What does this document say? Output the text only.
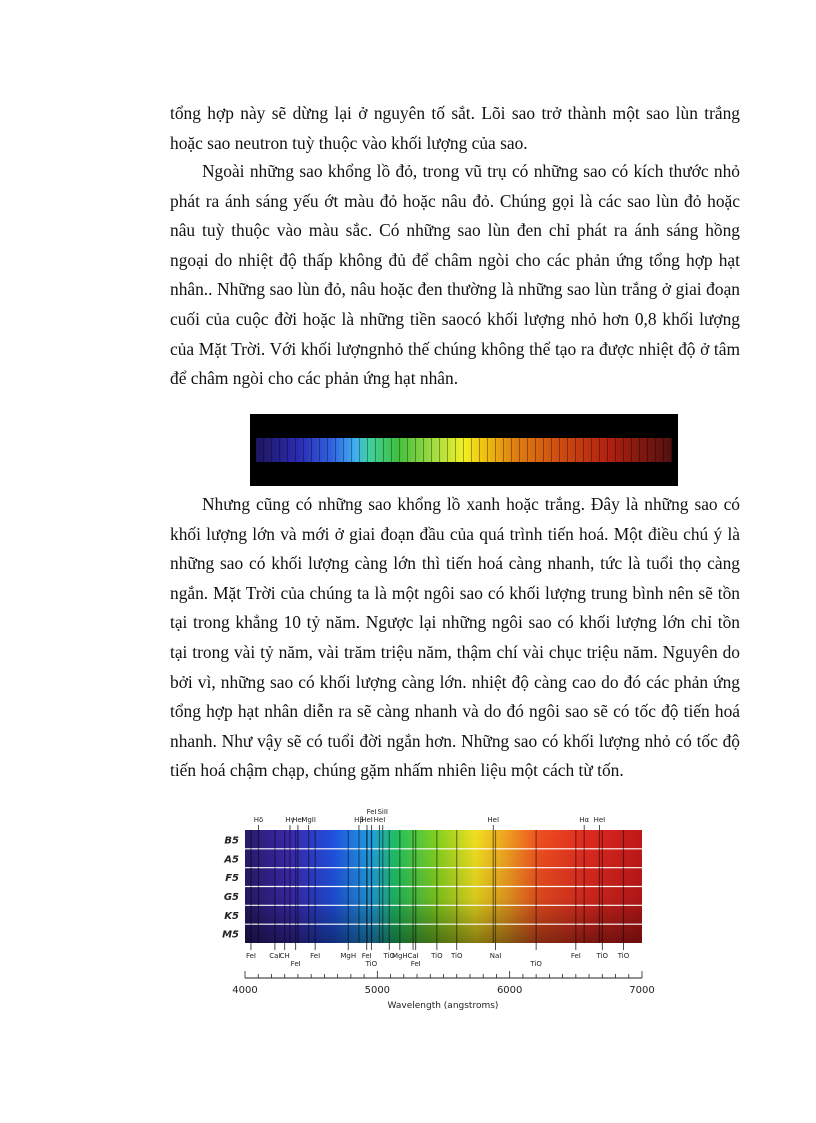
tổng hợp này sẽ dừng lại ở nguyên tố sắt. Lõi sao trở thành một sao lùn trắng hoặc sao neutron tuỳ thuộc vào khối lượng của sao.

Ngoài những sao khổng lồ đỏ, trong vũ trụ có những sao có kích thước nhỏ phát ra ánh sáng yếu ớt màu đỏ hoặc nâu đỏ. Chúng gọi là các sao lùn đỏ hoặc nâu tuỳ thuộc vào màu sắc. Có những sao lùn đen chỉ phát ra ánh sáng hồng ngoại do nhiệt độ thấp không đủ để châm ngòi cho các phản ứng tổng hợp hạt nhân.. Những sao lùn đỏ, nâu hoặc đen thường là những sao lùn trắng ở giai đoạn cuối của cuộc đời hoặc là những tiền saocó khối lượng nhỏ hơn 0,8 khối lượng của Mặt Trời. Với khối lượngnhỏ thế chúng không thể tạo ra được nhiệt độ ở tâm để châm ngòi cho các phản ứng hạt nhân.

Nhưng cũng có những sao khổng lồ xanh hoặc trắng. Đây là những sao có khối lượng lớn và mới ở giai đoạn đầu của quá trình tiến hoá. Một điều chú ý là những sao có khối lượng càng lớn thì tiến hoá càng nhanh, tức là tuổi thọ càng ngắn. Mặt Trời của chúng ta là một ngôi sao có khối lượng trung bình nên sẽ tồn tại trong khẳng 10 tỷ năm. Ngược lại những ngôi sao có khối lượng lớn chỉ tồn tại trong vài tỷ năm, vài trăm triệu năm, thậm chí vài chục triệu năm. Nguyên do bởi vì, những sao có khối lượng càng lớn. nhiệt độ càng cao do đó các phản ứng tổng hợp hạt nhân diễn ra sẽ càng nhanh và do đó ngôi sao sẽ có tốc độ tiến hoá nhanh. Như vậy sẽ có tuổi đời ngắn hơn. Những sao có khối lượng nhỏ có tốc độ tiến hoá chậm chạp, chúng gặm nhấm nhiên liệu một cách từ tốn.

Hδ	Hγ
HeI
MgII	Hβ
FeI
HeI
SiII
HeI	HeI	Hα HeI
B5
A5
F5
G5
K5
M5
FeI CaI CH
FeI
FeI	MgH FeI
TiO
MgH
TiO CaI
FeI
TiO TiO	NaI
TiO
FeI TiO TiO
4000	5000	6000	7000
Wavelength (angstroms)
